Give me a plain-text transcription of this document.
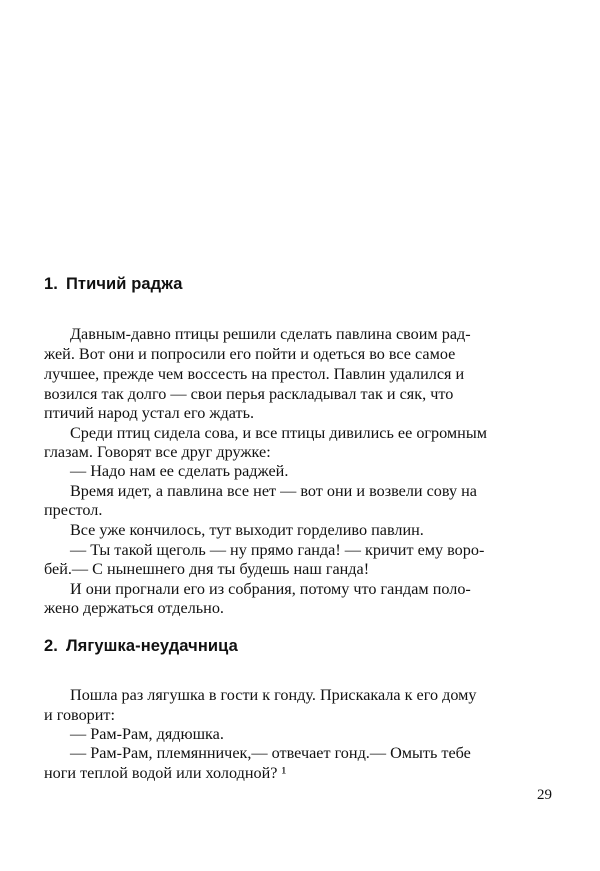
1. Птичий раджа
Давным-давно птицы решили сделать павлина своим рад-
жей. Вот они и попросили его пойти и одеться во все самое
лучшее, прежде чем воссесть на престол. Павлин удалился и
возился так долго — свои перья раскладывал так и сяк, что
птичий народ устал его ждать.
Среди птиц сидела сова, и все птицы дивились ее огромным
глазам. Говорят все друг дружке:
— Надо нам ее сделать раджей.
Время идет, а павлина все нет — вот они и возвели сову на
престол.
Все уже кончилось, тут выходит горделиво павлин.
— Ты такой щеголь — ну прямо ганда! — кричит ему воро-
бей.— С нынешнего дня ты будешь наш ганда!
И они прогнали его из собрания, потому что гандам поло-
жено держаться отдельно.
2. Лягушка-неудачница
Пошла раз лягушка в гости к гонду. Прискакала к его дому
и говорит:
— Рам-Рам, дядюшка.
— Рам-Рам, племянничек,— отвечает гонд.— Омыть тебе
ноги теплой водой или холодной? ¹
29
